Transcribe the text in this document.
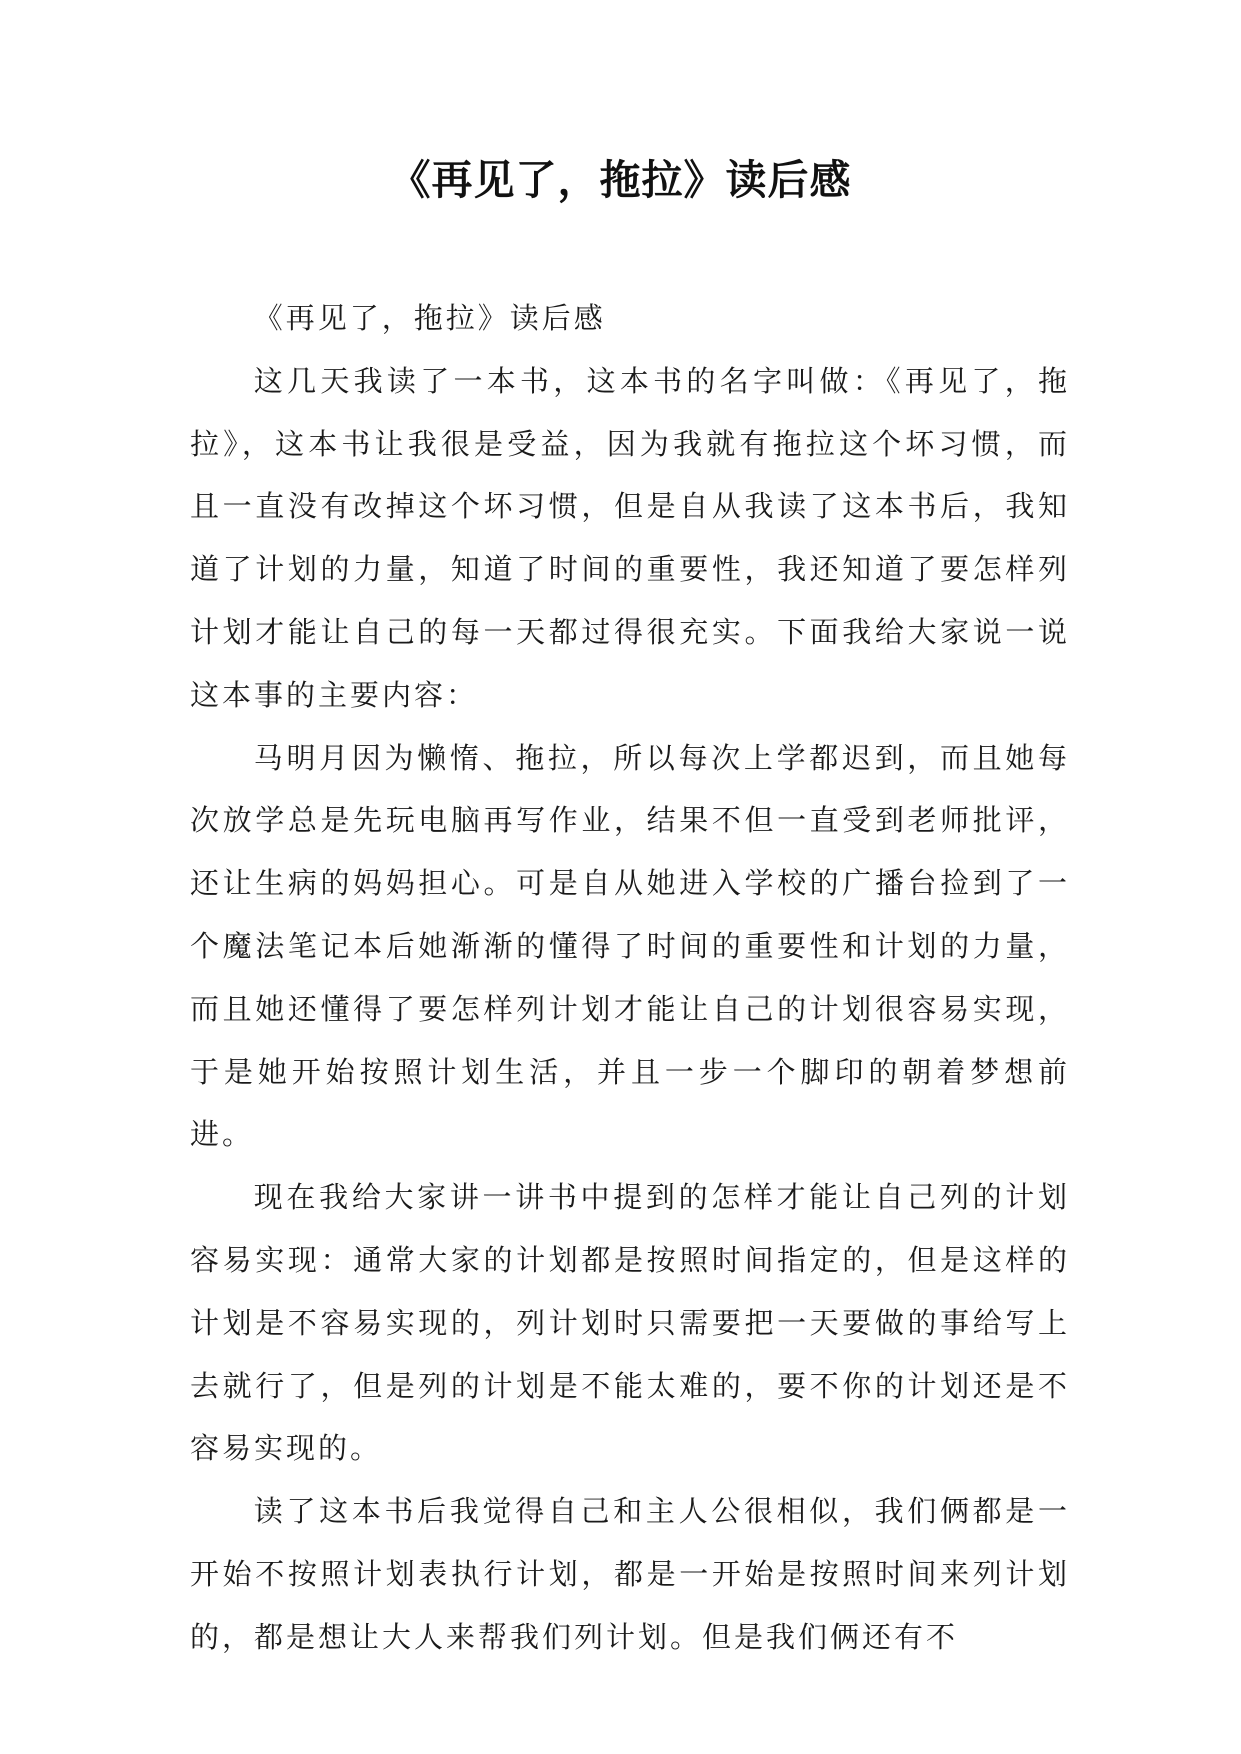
《再见了，拖拉》读后感

《再见了，拖拉》读后感

这几天我读了一本书，这本书的名字叫做：《再见了，拖拉》，这本书让我很是受益，因为我就有拖拉这个坏习惯，而且一直没有改掉这个坏习惯，但是自从我读了这本书后，我知道了计划的力量，知道了时间的重要性，我还知道了要怎样列计划才能让自己的每一天都过得很充实。下面我给大家说一说这本事的主要内容：

马明月因为懒惰、拖拉，所以每次上学都迟到，而且她每次放学总是先玩电脑再写作业，结果不但一直受到老师批评，还让生病的妈妈担心。可是自从她进入学校的广播台捡到了一个魔法笔记本后她渐渐的懂得了时间的重要性和计划的力量，而且她还懂得了要怎样列计划才能让自己的计划很容易实现，于是她开始按照计划生活，并且一步一个脚印的朝着梦想前进。

现在我给大家讲一讲书中提到的怎样才能让自己列的计划容易实现：通常大家的计划都是按照时间指定的，但是这样的计划是不容易实现的，列计划时只需要把一天要做的事给写上去就行了，但是列的计划是不能太难的，要不你的计划还是不容易实现的。

读了这本书后我觉得自己和主人公很相似，我们俩都是一开始不按照计划表执行计划，都是一开始是按照时间来列计划的，都是想让大人来帮我们列计划。但是我们俩还有不
